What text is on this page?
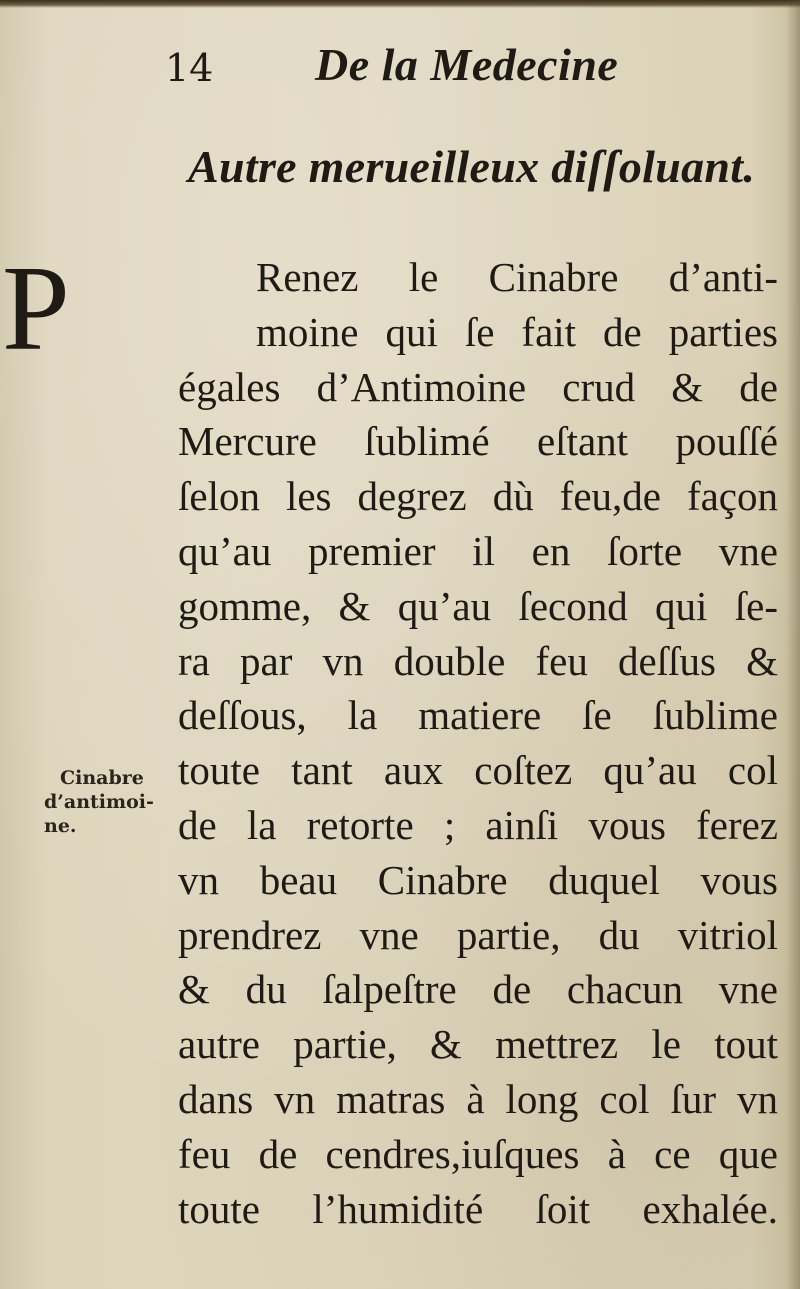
14 De la Medecine
Autre merueilleux diſſoluant.
P	Renez le Cinabre d’anti-
moine qui ſe fait de parties
égales d’Antimoine crud & de
Mercure ſublimé eſtant pouſſé
ſelon les degrez dù feu,de façon
qu’au premier il en ſorte vne
gomme, & qu’au ſecond qui ſe-
ra par vn double feu deſſus &
deſſous, la matiere ſe ſublime
toute tant aux coſtez qu’au col
de la retorte ; ainſi vous ferez
vn beau Cinabre duquel vous
prendrez vne partie, du vitriol
& du ſalpeſtre de chacun vne
autre partie, & mettrez le tout
dans vn matras à long col ſur vn
feu de cendres,iuſques à ce que
toute l’humidité ſoit exhalée.
Cinabre
d’antimoi-
ne.
